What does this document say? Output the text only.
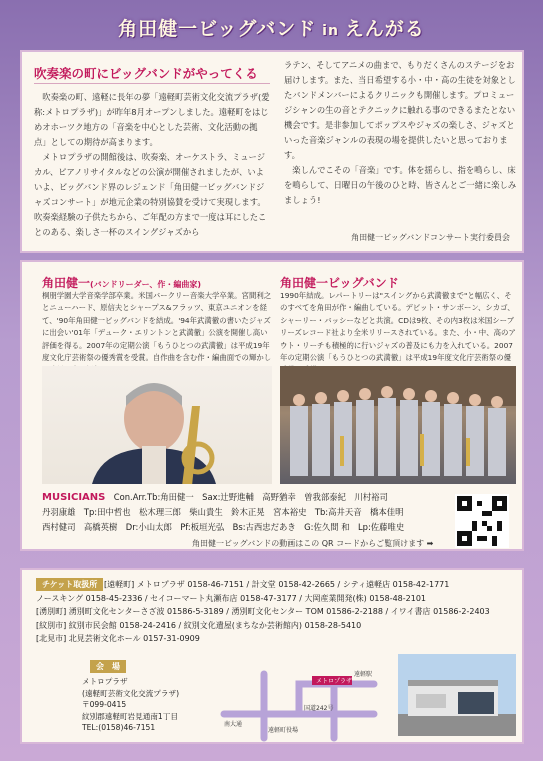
角田健一ビッグバンド in えんがる
吹奏楽の町にビッグバンドがやってくる

吹奏楽の町、遠軽に長年の夢「遠軽町芸術文化交流プラザ(愛称:メトロプラザ)」が昨年8月オープンしました。遠軽町をはじめオホーツク地方の「音楽を中心とした芸術、文化活動の拠点」としての期待が高まります。

メトロプラザの開館後は、吹奏楽、オーケストラ、ミュージカル、ピアノリサイタルなどの公演が開催されましたが、いよいよ、ビッグバンド界のレジェンド「角田健一ビッグバンドジャズコンサート」が地元企業の特別協賛を受けて実現します。吹奏楽経験の子供たちから、ご年配の方まで一度は耳にしたことのある、楽しさ一杯のスイングジャズから

ラテン、そしてアニメの曲まで、もりだくさんのステージをお届けします。また、当日希望する小・中・高の生徒を対象としたバンドメンバーによるクリニックも開催します。プロミュージシャンの生の音とテクニックに触れる事のできるまたとない機会です。是非参加してポップスやジャズの楽しさ、ジャズといった音楽ジャンルの表現の場を提供したいと思っております。

楽しんでこその「音楽」です。体を揺らし、指を鳴らし、床を鳴らして、日曜日の午後のひと時、皆さんとご一緒に楽しみましょう!

角田健一ビッグバンドコンサート実行委員会
角田健一(バンドリーダー、作・編曲家)
桐朋学園大学音楽学部卒業。米国バークリー音楽大学卒業。宮間利之とニューハード、原信夫とシャープス&フラッツ、東京ユニオンを経て、'90年角田健一ビッグバンドを結成。'94年武満徹の書いたジャズに出会い'01年「デューク・エリントンと武満徹」公演を開催し高い評価を得る。2007年の定期公演「もうひとつの武満徹」は平成19年度文化庁芸術祭の優秀賞を受賞。自作曲を含む作・編曲面での輝かし
角田健一ビッグバンド
1990年結成。レパートリーは"スイングから武満徹まで"と幅広く、そのすべてを角田が作・編曲している。デビット・サンボーン、シカゴ、シャーリー・バッシーなどと共演。CDは9枚、その内3枚は米国シーブリーズレコード社より全米リリースされている。また、小・中、高のアウト・リーチも積極的に行いジャズの普及にも力を入れている。2007年の定期公演「もうひとつの武満徹」は平成19年度文化庁芸術祭の優
MUSICIANS　 Con.Arr.Tb:角田健一　Sax:辻野進輔　高野猶幸　曽我部泰紀　川村裕司
丹羽康雄　Tp:田中哲也　松木理三郎　柴山貴生　鈴木正晃　宮本裕史　Tb:高井天音　橋本佳明
西村健司　高橋英樹　Dr:小山太郎　Pf:板垣光弘　Bs:古西忠だあき　G:佐久間 和　Lp:佐藤唯史
角田健一ビッグバンドの動画はこの QR コードからご覧頂けます ➡
[遠軽町] メトロプラザ 0158-46-7151 / 計文堂 0158-42-2665 / シティ遠軽店 0158-42-1771
ノースキング 0158-45-2336 / セイコーマート丸瀬布店 0158-47-3177 / 大岡産業開発(株) 0158-48-2101
[湧別町] 湧別町文化センターさざ波 01586-5-3189 / 湧別町文化センター TOM 01586-2-2188 / イワイ書店 01586-2-2403
[紋別市] 紋別市民会館 0158-24-2416 / 紋別文化遺屋(まちなか芸術館内) 0158-28-5410
[北見市] 北見芸術文化ホール 0157-31-0909
チケット取扱所
会　場
メトロプラザ
(遠軽町芸術文化交流プラザ)
〒099-0415
紋別郡遠軽町岩見通南1丁目
TEL:(0158)46-7151
メトロプラザ
遠軽駅
国道242号
遠軽町役場
南大通
